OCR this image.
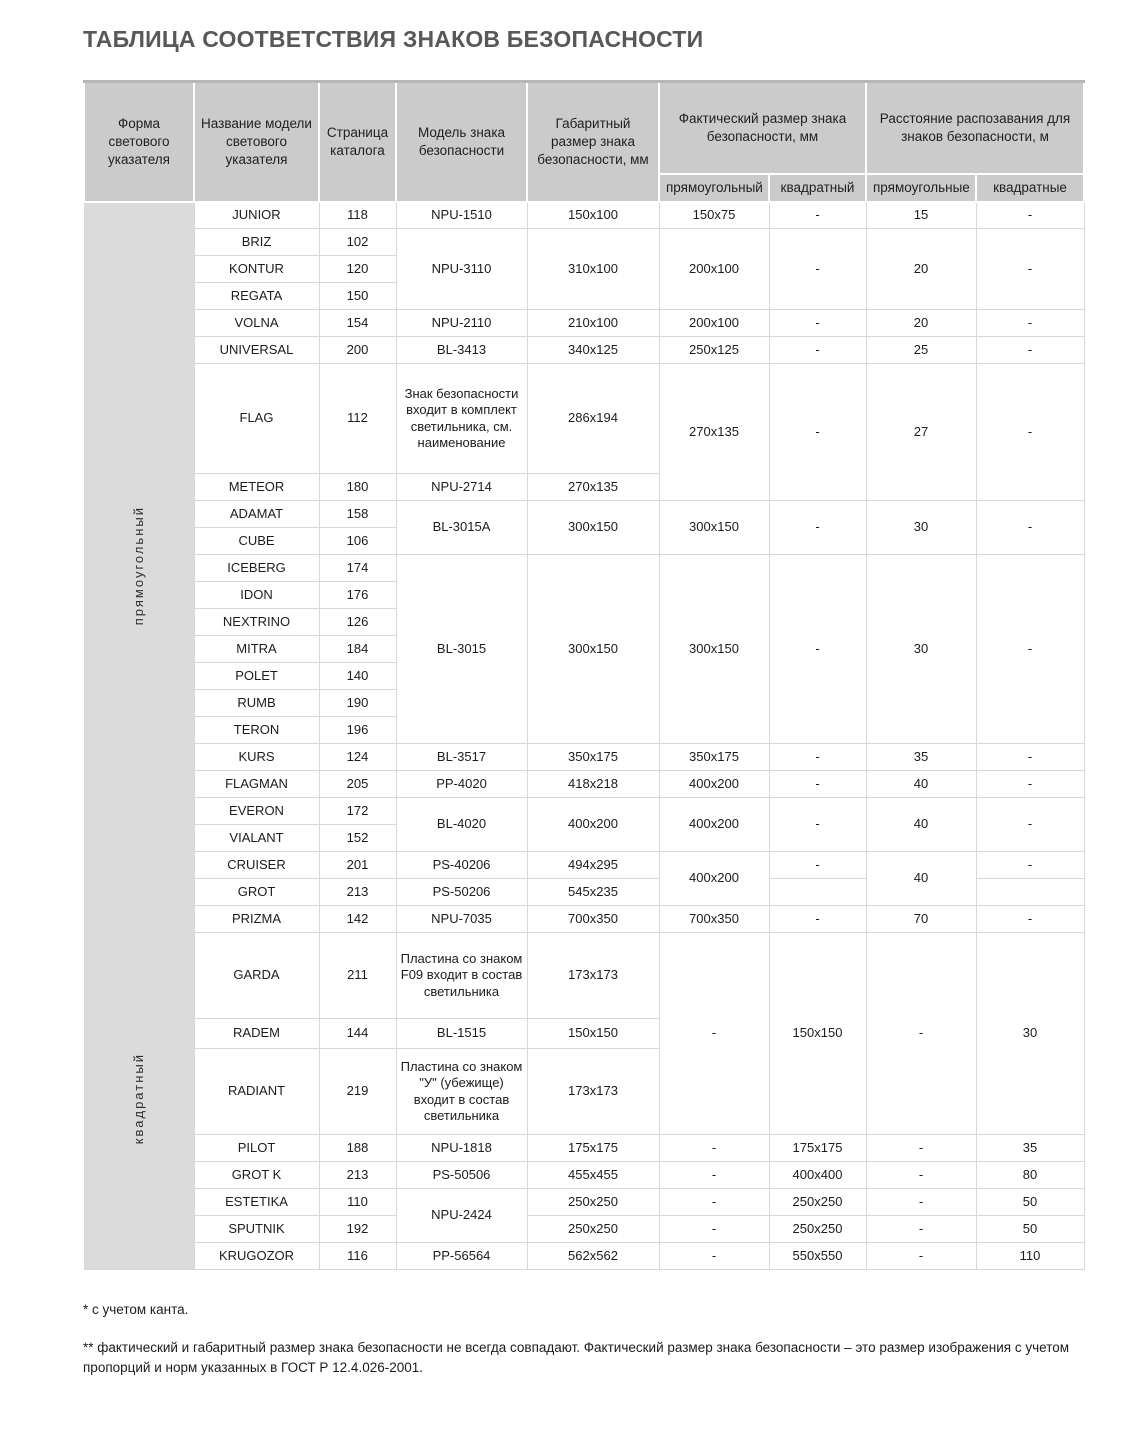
ТАБЛИЦА СООТВЕТСТВИЯ ЗНАКОВ БЕЗОПАСНОСТИ
Форма светового указателя	Название модели светового указателя	Страница каталога	Модель знака безопасности	Габаритный размер знака безопасности, мм	Фактический размер знака безопасности, мм		Расстояние распозавания для знаков безопасности, м	
					прямоугольный	квадратный	прямоугольные	квадратные
прямоугольный	JUNIOR	118	NPU-1510	150x100	150x75	-	15	-
	BRIZ	102	NPU-3110	310x100	200x100	-	20	-
	KONTUR	120						
	REGATA	150						
	VOLNA	154	NPU-2110	210x100	200x100	-	20	-
	UNIVERSAL	200	BL-3413	340x125	250x125	-	25	-
	FLAG	112	Знак безопасности входит в комплект светильника, см. наименование	286x194	270x135	-	27	-
	METEOR	180	NPU-2714	270x135				
	ADAMAT	158	BL-3015A	300x150	300x150	-	30	-
	CUBE	106						
	ICEBERG	174	BL-3015	300x150	300x150	-	30	-
	IDON	176						
	NEXTRINO	126						
	MITRA	184						
	POLET	140						
	RUMB	190						
	TERON	196						
	KURS	124	BL-3517	350x175	350x175	-	35	-
	FLAGMAN	205	PP-4020	418x218	400x200	-	40	-
	EVERON	172	BL-4020	400x200	400x200	-	40	-
	VIALANT	152						
	CRUISER	201	PS-40206	494x295	400x200	-	40	-
	GROT	213	PS-50206	545x235				
	PRIZMA	142	NPU-7035	700x350	700x350	-	70	-
квадратный	GARDA	211	Пластина со знаком F09 входит в состав светильника	173x173	-	150x150	-	30
	RADEM	144	BL-1515	150x150				
	RADIANT	219	Пластина со знаком "У" (убежище) входит в состав светильника	173x173				
	PILOT	188	NPU-1818	175x175	-	175x175	-	35
	GROT K	213	PS-50506	455x455	-	400x400	-	80
	ESTETIKA	110	NPU-2424	250x250	-	250x250	-	50
	SPUTNIK	192		250x250	-	250x250	-	50
	KRUGOZOR	116	PP-56564	562x562	-	550x550	-	110
* с учетом канта.
** фактический и габаритный размер знака безопасности не всегда совпадают. Фактический размер знака безопасности – это размер изображения с учетом пропорций и норм указанных в ГОСТ Р 12.4.026-2001.
